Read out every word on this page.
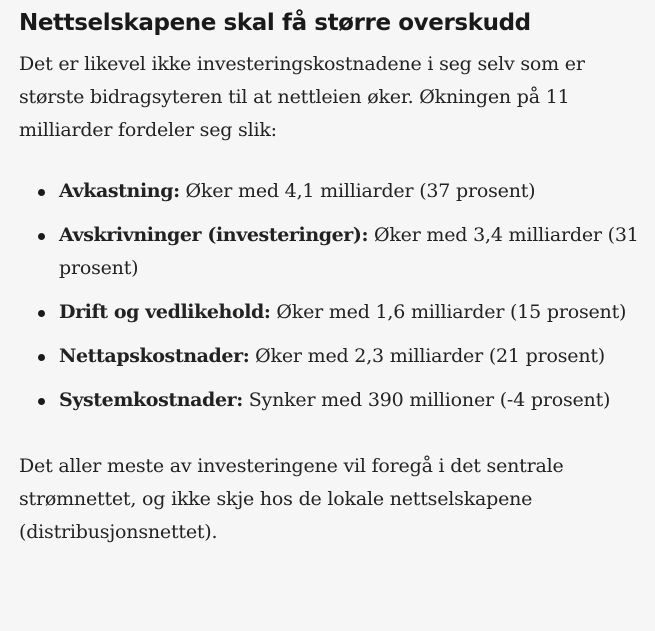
Nettselskapene skal få større overskudd

Det er likevel ikke investeringskostnadene i seg selv som er største bidragsyteren til at nettleien øker. Økningen på 11 milliarder fordeler seg slik:

Avkastning: Øker med 4,1 milliarder (37 prosent)
Avskrivninger (investeringer): Øker med 3,4 milliarder (31 prosent)
Drift og vedlikehold: Øker med 1,6 milliarder (15 prosent)
Nettapskostnader: Øker med 2,3 milliarder (21 prosent)
Systemkostnader: Synker med 390 millioner (-4 prosent)

Det aller meste av investeringene vil foregå i det sentrale strømnettet, og ikke skje hos de lokale nettselskapene (distribusjonsnettet).
